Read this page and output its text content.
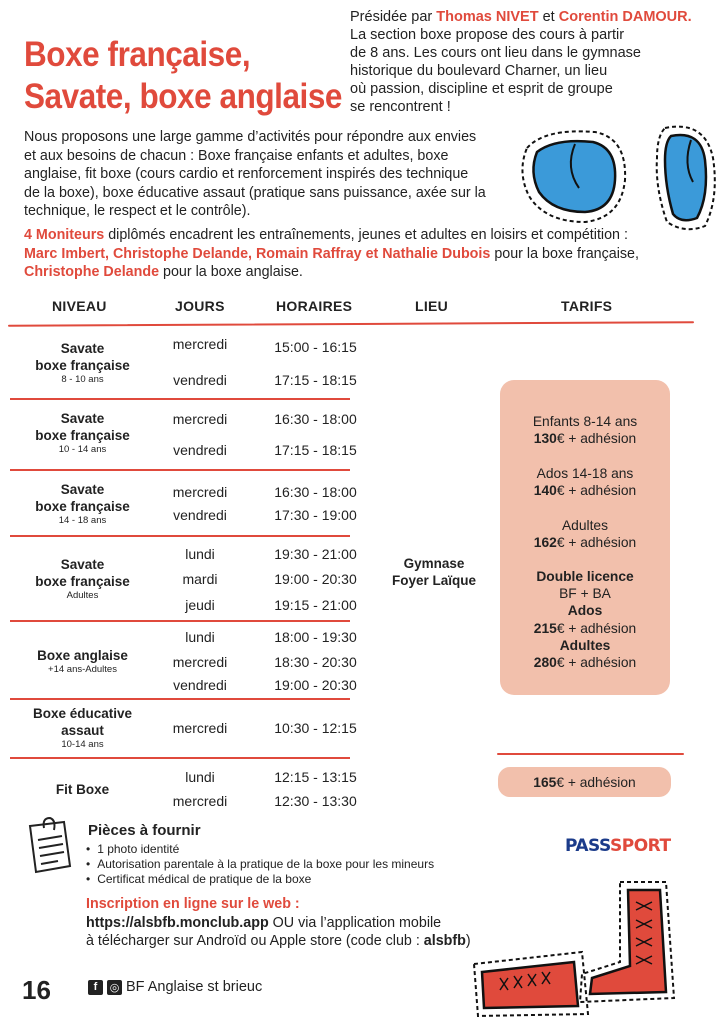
Boxe française,
Savate, boxe anglaise
Présidée par Thomas NIVET et Corentin DAMOUR.
La section boxe propose des cours à partir
de 8 ans. Les cours ont lieu dans le gymnase
historique du boulevard Charner, un lieu
où passion, discipline et esprit de groupe
se rencontrent !
Nous proposons une large gamme d’activités pour répondre aux envies
et aux besoins de chacun : Boxe française enfants et adultes, boxe
anglaise, fit boxe (cours cardio et renforcement inspirés des technique
de la boxe), boxe éducative assaut (pratique sans puissance, axée sur la
technique, le respect et le contrôle).
4 Moniteurs diplômés encadrent les entraînements, jeunes et adultes en loisirs et compétition :
Marc Imbert, Christophe Delande, Romain Raffray et Nathalie Dubois pour la boxe française,
Christophe Delande pour la boxe anglaise.
NIVEAU	JOURS	HORAIRES	LIEU	TARIFS
Savate
boxe française
8 - 10 ans
mercredi	15:00 - 16:15
vendredi	17:15 - 18:15
Savate
boxe française
10 - 14 ans
mercredi	16:30 - 18:00
vendredi	17:15 - 18:15
Savate
boxe française
14 - 18 ans
mercredi	16:30 - 18:00
vendredi	17:30 - 19:00
Savate
boxe française
Adultes
lundi	19:30 - 21:00
mardi	19:00 - 20:30
jeudi	19:15 - 21:00
Boxe anglaise
+14 ans-Adultes
lundi	18:00 - 19:30
mercredi	18:30 - 20:30
vendredi	19:00 - 20:30
Boxe éducative
assaut
10-14 ans
mercredi	10:30 - 12:15
Fit Boxe
lundi	12:15 - 13:15
mercredi	12:30 - 13:30
Gymnase
Foyer Laïque
Enfants 8-14 ans
130€ + adhésion
Ados 14-18 ans
140€ + adhésion
Adultes
162€ + adhésion
Double licence
BF + BA
Ados
215€ + adhésion
Adultes
280€ + adhésion
165€ + adhésion
Pièces à fournir
• 1 photo identité
• Autorisation parentale à la pratique de la boxe pour les mineurs
• Certificat médical de pratique de la boxe
PASSSPORT
Inscription en ligne sur le web :
https://alsbfb.monclub.app OU via l’application mobile
à télécharger sur Androïd ou Apple store (code club : alsbfb)
16	f	◎ BF Anglaise st brieuc
